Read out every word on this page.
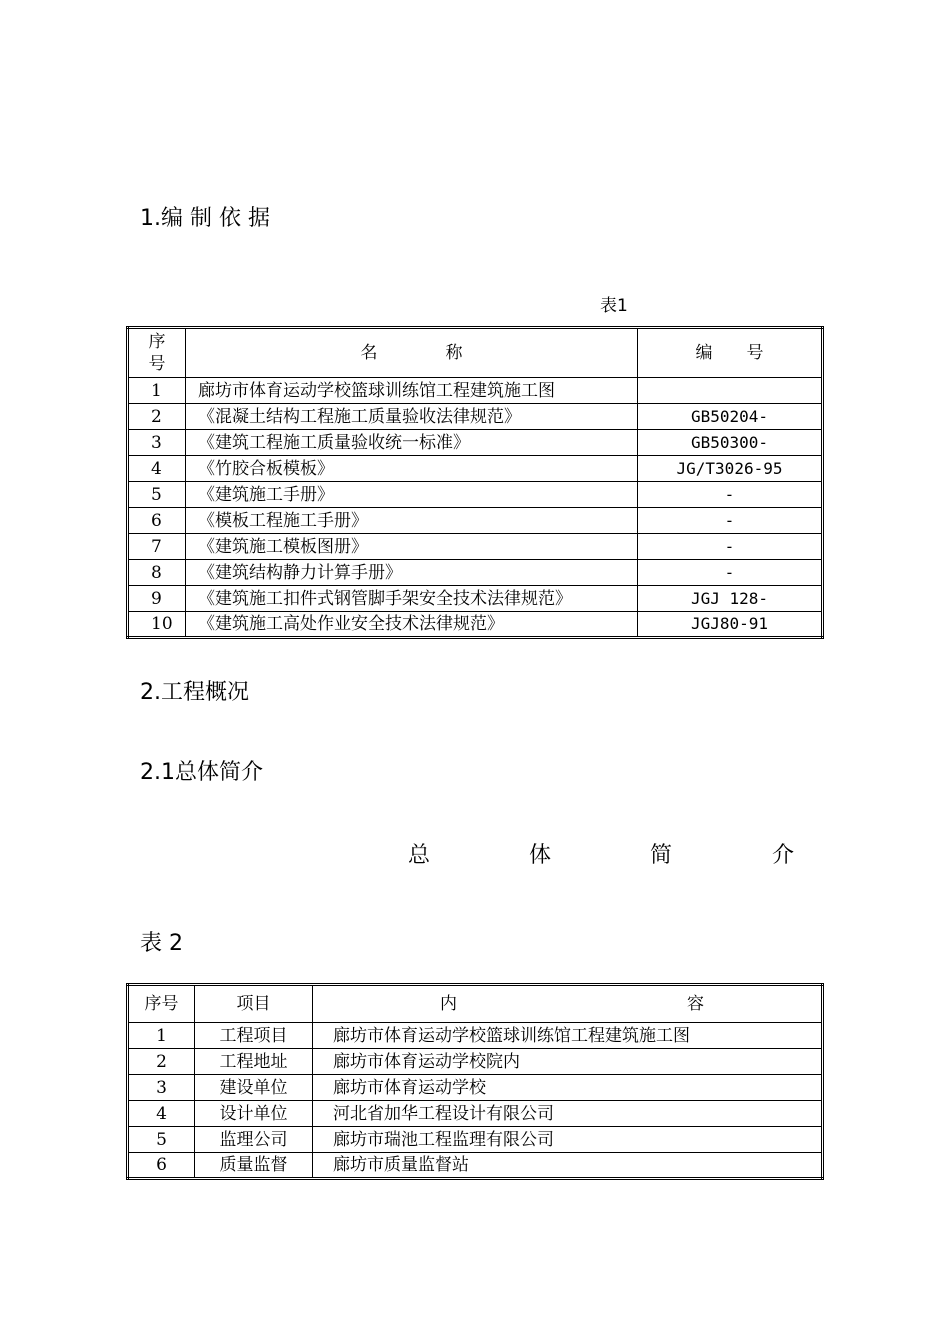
1.编 制 依 据
表1
序号	名　　　　称	编　　号
1	廊坊市体育运动学校篮球训练馆工程建筑施工图	
2	《混凝土结构工程施工质量验收法律规范》	GB50204-
3	《建筑工程施工质量验收统一标准》	GB50300-
4	《竹胶合板模板》	JG/T3026-95
5	《建筑施工手册》	-
6	《模板工程施工手册》	-
7	《建筑施工模板图册》	-
8	《建筑结构静力计算手册》	-
9	《建筑施工扣件式钢管脚手架安全技术法律规范》	JGJ 128-
10	《建筑施工高处作业安全技术法律规范》	JGJ80-91
2.工程概况
2.1总体简介
总	体	简	介
表 2
序号	项目	内 容

1	工程项目	廊坊市体育运动学校篮球训练馆工程建筑施工图
2	工程地址	廊坊市体育运动学校院内
3	建设单位	廊坊市体育运动学校
4	设计单位	河北省加华工程设计有限公司
5	监理公司	廊坊市瑞池工程监理有限公司
6	质量监督	廊坊市质量监督站
